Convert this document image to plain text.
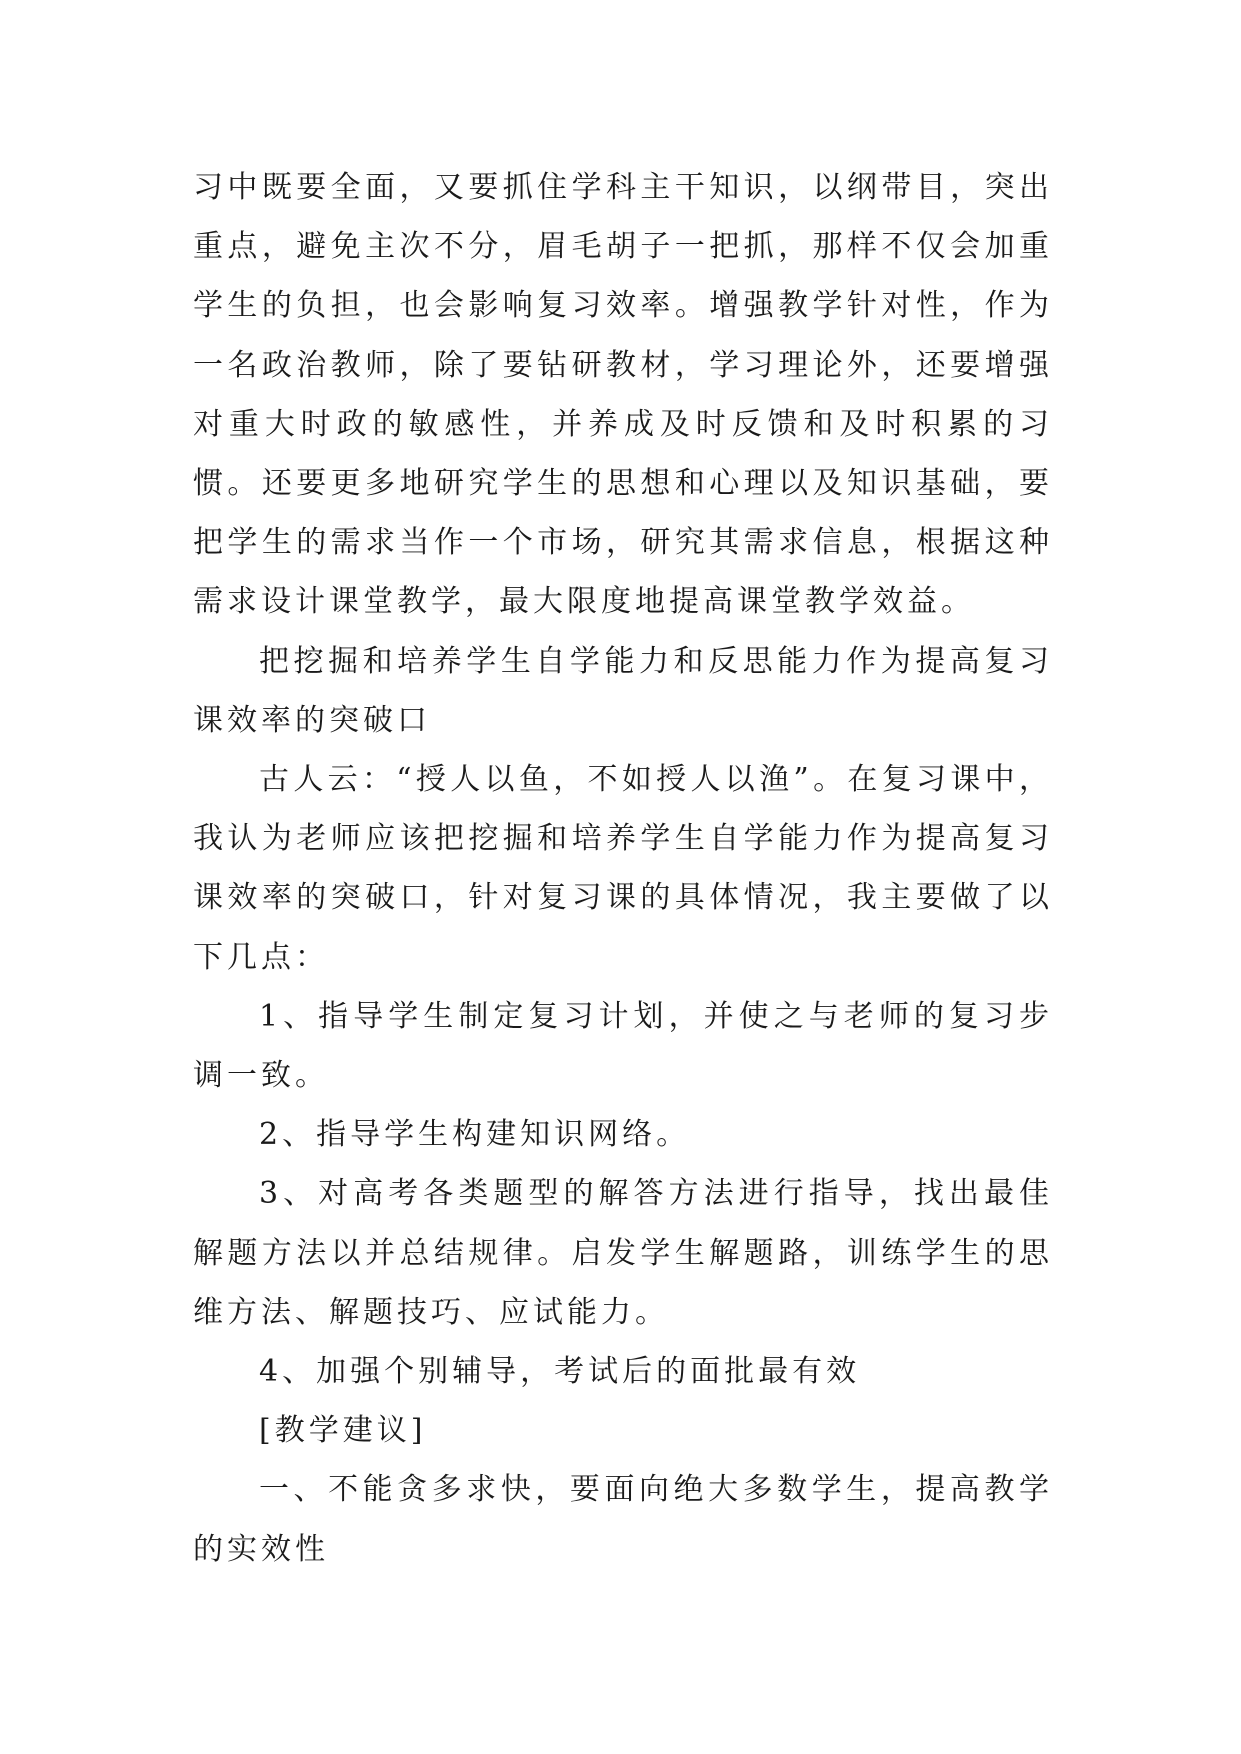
习中既要全面，又要抓住学科主干知识，以纲带目，突出重点，避免主次不分，眉毛胡子一把抓，那样不仅会加重学生的负担，也会影响复习效率。增强教学针对性，作为一名政治教师，除了要钻研教材，学习理论外，还要增强对重大时政的敏感性，并养成及时反馈和及时积累的习惯。还要更多地研究学生的思想和心理以及知识基础，要把学生的需求当作一个市场，研究其需求信息，根据这种需求设计课堂教学，最大限度地提高课堂教学效益。

把挖掘和培养学生自学能力和反思能力作为提高复习课效率的突破口

古人云：“授人以鱼，不如授人以渔”。在复习课中，我认为老师应该把挖掘和培养学生自学能力作为提高复习课效率的突破口，针对复习课的具体情况，我主要做了以下几点：

1、指导学生制定复习计划，并使之与老师的复习步调一致。

2、指导学生构建知识网络。

3、对高考各类题型的解答方法进行指导，找出最佳解题方法以并总结规律。启发学生解题路，训练学生的思维方法、解题技巧、应试能力。

4、加强个别辅导，考试后的面批最有效

[教学建议]

一、不能贪多求快，要面向绝大多数学生，提高教学的实效性
